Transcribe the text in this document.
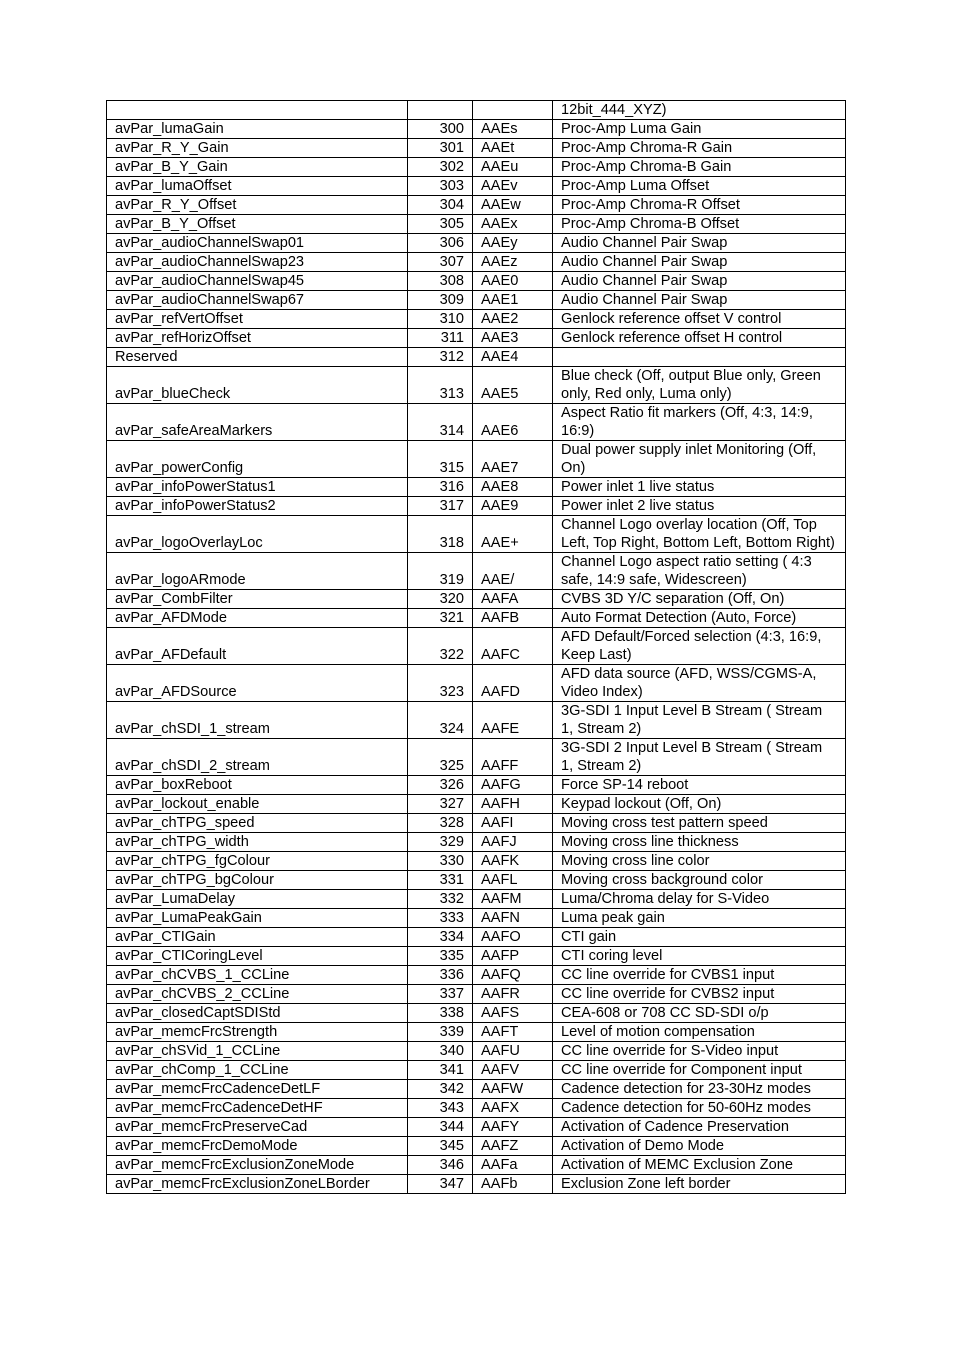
			12bit_444_XYZ)
avPar_lumaGain	300	AAEs	Proc-Amp Luma Gain
avPar_R_Y_Gain	301	AAEt	Proc-Amp Chroma-R Gain
avPar_B_Y_Gain	302	AAEu	Proc-Amp Chroma-B Gain
avPar_lumaOffset	303	AAEv	Proc-Amp Luma Offset
avPar_R_Y_Offset	304	AAEw	Proc-Amp Chroma-R Offset
avPar_B_Y_Offset	305	AAEx	Proc-Amp Chroma-B Offset
avPar_audioChannelSwap01	306	AAEy	Audio Channel Pair Swap
avPar_audioChannelSwap23	307	AAEz	Audio Channel Pair Swap
avPar_audioChannelSwap45	308	AAE0	Audio Channel Pair Swap
avPar_audioChannelSwap67	309	AAE1	Audio Channel Pair Swap
avPar_refVertOffset	310	AAE2	Genlock reference offset V control
avPar_refHorizOffset	311	AAE3	Genlock reference offset H control
Reserved	312	AAE4	
avPar_blueCheck	313	AAE5	Blue check (Off, output Blue only, Green only, Red only, Luma only)
avPar_safeAreaMarkers	314	AAE6	Aspect Ratio fit markers (Off, 4:3, 14:9, 16:9)
avPar_powerConfig	315	AAE7	Dual power supply inlet Monitoring (Off, On)
avPar_infoPowerStatus1	316	AAE8	Power inlet 1 live status
avPar_infoPowerStatus2	317	AAE9	Power inlet 2 live status
avPar_logoOverlayLoc	318	AAE+	Channel Logo overlay location (Off, Top Left, Top Right, Bottom Left, Bottom Right)
avPar_logoARmode	319	AAE/	Channel Logo aspect ratio setting ( 4:3 safe, 14:9 safe, Widescreen)
avPar_CombFilter	320	AAFA	CVBS 3D Y/C separation (Off, On)
avPar_AFDMode	321	AAFB	Auto Format Detection (Auto, Force)
avPar_AFDefault	322	AAFC	AFD Default/Forced selection (4:3, 16:9, Keep Last)
avPar_AFDSource	323	AAFD	AFD data source (AFD, WSS/CGMS-A, Video Index)
avPar_chSDI_1_stream	324	AAFE	3G-SDI 1 Input Level B Stream ( Stream 1, Stream 2)
avPar_chSDI_2_stream	325	AAFF	3G-SDI 2 Input Level B Stream ( Stream 1, Stream 2)
avPar_boxReboot	326	AAFG	Force SP-14 reboot
avPar_lockout_enable	327	AAFH	Keypad lockout (Off, On)
avPar_chTPG_speed	328	AAFI	Moving cross test pattern speed
avPar_chTPG_width	329	AAFJ	Moving cross line thickness
avPar_chTPG_fgColour	330	AAFK	Moving cross line color
avPar_chTPG_bgColour	331	AAFL	Moving cross background color
avPar_LumaDelay	332	AAFM	Luma/Chroma delay for S-Video
avPar_LumaPeakGain	333	AAFN	Luma peak gain
avPar_CTIGain	334	AAFO	CTI gain
avPar_CTICoringLevel	335	AAFP	CTI coring level
avPar_chCVBS_1_CCLine	336	AAFQ	CC line override for CVBS1 input
avPar_chCVBS_2_CCLine	337	AAFR	CC line override for CVBS2 input
avPar_closedCaptSDIStd	338	AAFS	CEA-608 or 708 CC SD-SDI o/p
avPar_memcFrcStrength	339	AAFT	Level of motion compensation
avPar_chSVid_1_CCLine	340	AAFU	CC line override for S-Video input
avPar_chComp_1_CCLine	341	AAFV	CC line override for Component input
avPar_memcFrcCadenceDetLF	342	AAFW	Cadence detection for 23-30Hz modes
avPar_memcFrcCadenceDetHF	343	AAFX	Cadence detection for 50-60Hz modes
avPar_memcFrcPreserveCad	344	AAFY	Activation of Cadence Preservation
avPar_memcFrcDemoMode	345	AAFZ	Activation of Demo Mode
avPar_memcFrcExclusionZoneMode	346	AAFa	Activation of MEMC Exclusion Zone
avPar_memcFrcExclusionZoneLBorder	347	AAFb	Exclusion Zone left border
